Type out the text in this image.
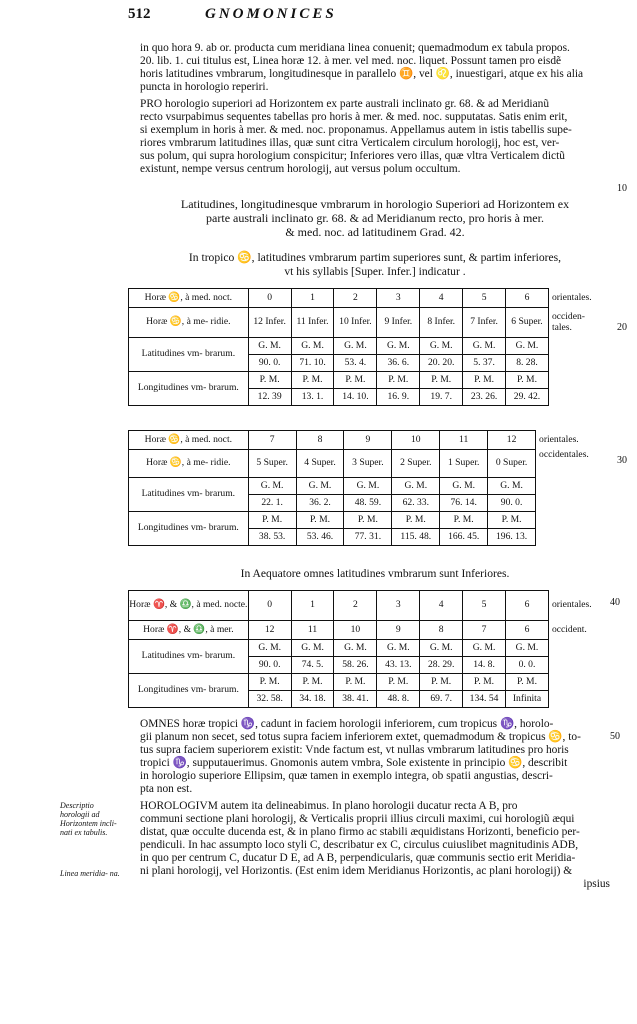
512	GNOMONICES
in quo hora 9. ab or. producta cum meridiana linea conuenit; quemadmodum ex tabula propos.
20. lib. 1. cui titulus est, Linea horæ 12. à mer. vel med. noc. liquet. Possunt tamen pro eisdẽ
horis latitudines vmbrarum, longitudinesque in parallelo ♊, vel ♌, inuestigari, atque ex his alia
puncta in horologio reperiri.
PRO horologio superiori ad Horizontem ex parte australi inclinato gr. 68. & ad Meridianũ
recto vsurpabimus sequentes tabellas pro horis à mer. & med. noc. supputatas. Satis enim erit,
si exemplum in horis à mer. & med. noc. proponamus. Appellamus autem in istis tabellis supe-
riores vmbrarum latitudines illas, quæ sunt citra Verticalem circulum horologij, hoc est, ver-
sus polum, qui supra horologium conspicitur; Inferiores vero illas, quæ vltra Verticalem dictũ
existunt, nempe versus centrum horologij, aut versus polum occultum.
10
Latitudines, longitudinesque vmbrarum in horologio Superiori ad Horizontem ex
parte australi inclinato gr. 68. & ad Meridianum recto, pro horis à mer.
& med. noc. ad latitudinem Grad. 42.
In tropico ♋, latitudines vmbrarum partim superiores sunt, & partim inferiores,
vt his syllabis [Super. Infer.] indicatur .
Horæ ♋, à med. noct.	0	1	2	3	4	5	6	orientales.
Horæ ♋, à me- ridie.	12 Infer.	11 Infer.	10 Infer.	9 Infer.	8 Infer.	7 Infer.	6 Super.	occiden- tales.
Latitudines vm- brarum.	G. M.	G. M.	G. M.	G. M.	G. M.	G. M.	G. M.	
	90. 0.	71. 10.	53. 4.	36. 6.	20. 20.	5. 37.	8. 28.	
Longitudines vm- brarum.	P. M.	P. M.	P. M.	P. M.	P. M.	P. M.	P. M.	
	12. 39	13. 1.	14. 10.	16. 9.	19. 7.	23. 26.	29. 42.	
20
Horæ ♋, à med. noct.	7	8	9	10	11	12	orientales.
Horæ ♋, à me- ridie.	5 Super.	4 Super.	3 Super.	2 Super.	1 Super.	0 Super.	occidentales.
Latitudines vm- brarum.	G. M.	G. M.	G. M.	G. M.	G. M.	G. M.	
	22. 1.	36. 2.	48. 59.	62. 33.	76. 14.	90. 0.	
Longitudines vm- brarum.	P. M.	P. M.	P. M.	P. M.	P. M.	P. M.	
	38. 53.	53. 46.	77. 31.	115. 48.	166. 45.	196. 13.	
30
In Aequatore omnes latitudines vmbrarum sunt Inferiores.
Horæ ♈, & ♎, à med. nocte.	0	1	2	3	4	5	6	orientales.
Horæ ♈, & ♎, à mer.	12	11	10	9	8	7	6	occident.
Latitudines vm- brarum.	G. M.	G. M.	G. M.	G. M.	G. M.	G. M.	G. M.	
	90. 0.	74. 5.	58. 26.	43. 13.	28. 29.	14. 8.	0. 0.	
Longitudines vm- brarum.	P. M.	P. M.	P. M.	P. M.	P. M.	P. M.	P. M.	
	32. 58.	34. 18.	38. 41.	48. 8.	69. 7.	134. 54	Infinita	
40
OMNES horæ tropici ♑, cadunt in faciem horologii inferiorem, cum tropicus ♑, horolo-
gii planum non secet, sed totus supra faciem inferiorem extet, quemadmodum & tropicus ♋, to-
tus supra faciem superiorem existit: Vnde factum est, vt nullas vmbrarum latitudines pro horis
tropici ♑, supputauerimus. Gnomonis autem vmbra, Sole existente in principio ♋, describit
in horologio superiore Ellipsim, quæ tamen in exemplo integra, ob spatii angustias, descri-
pta non est.
50
Descriptio horologii ad Horizontem incli- nati ex tabulis.
Linea meridia- na.
HOROLOGIVM autem ita delineabimus. In plano horologii ducatur recta A B, pro
communi sectione plani horologij, & Verticalis proprii illius circuli maximi, cui horologiũ æqui
distat, quæ occulte ducenda est, & in plano firmo ac stabili æquidistans Horizonti, beneficio per-
pendiculi. In hac assumpto loco styli C, describatur ex C, circulus cuiuslibet magnitudinis ADB,
in quo per centrum C, ducatur D E, ad A B, perpendicularis, quæ communis sectio erit Meridia-
ni plani horologij, vel Horizontis. (Est enim idem Meridianus Horizontis, ac plani horologij) &
ipsius
